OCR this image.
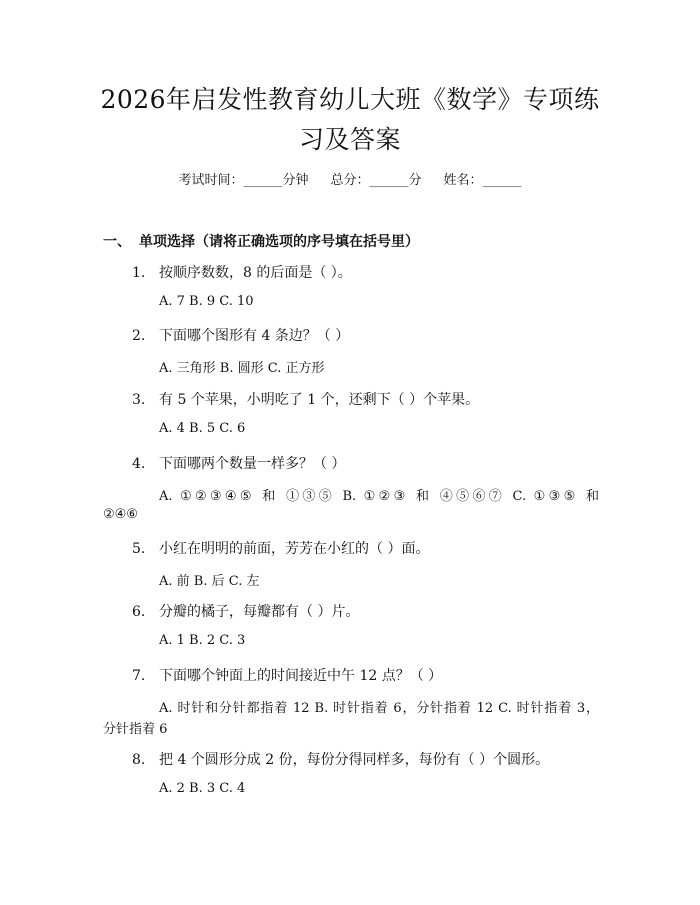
2026年启发性教育幼儿大班《数学》专项练
习及答案
考试时间：______分钟 总分：______分 姓名：______
一、 单项选择（请将正确选项的序号填在括号里）
1. 按顺序数数，8 的后面是（ ）。
A. 7 B. 9 C. 10
2. 下面哪个图形有 4 条边？（ ）
A. 三角形 B. 圆形 C. 正方形
3. 有 5 个苹果，小明吃了 1 个，还剩下（ ）个苹果。
A. 4 B. 5 C. 6
4. 下面哪两个数量一样多？（ ）
A. ①②③④⑤ 和 ①③⑤ B. ①②③ 和 ④⑤⑥⑦ C. ①③⑤ 和
②④⑥
5. 小红在明明的前面，芳芳在小红的（ ）面。
A. 前 B. 后 C. 左
6. 分瓣的橘子，每瓣都有（ ）片。
A. 1 B. 2 C. 3
7. 下面哪个钟面上的时间接近中午 12 点？（ ）
A. 时针和分针都指着 12 B. 时针指着 6，分针指着 12 C. 时针指着 3，
分针指着 6
8. 把 4 个圆形分成 2 份，每份分得同样多，每份有（ ）个圆形。
A. 2 B. 3 C. 4
